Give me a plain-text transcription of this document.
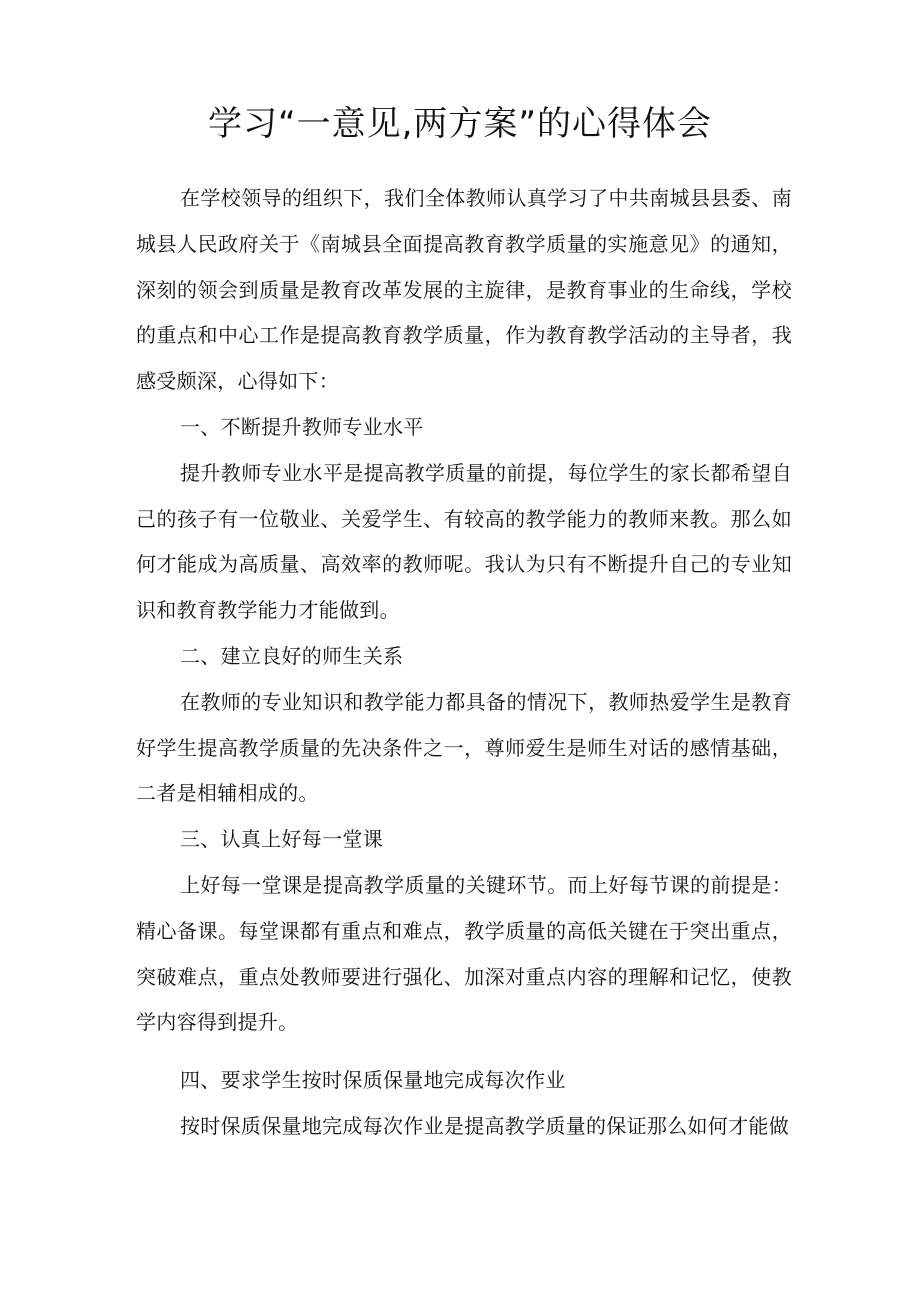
学习“一意见,两方案”的心得体会

在学校领导的组织下，我们全体教师认真学习了中共南城县县委、南城县人民政府关于《南城县全面提高教育教学质量的实施意见》的通知，深刻的领会到质量是教育改革发展的主旋律，是教育事业的生命线，学校的重点和中心工作是提高教育教学质量，作为教育教学活动的主导者，我感受颇深，心得如下：

一、不断提升教师专业水平

提升教师专业水平是提高教学质量的前提，每位学生的家长都希望自己的孩子有一位敬业、关爱学生、有较高的教学能力的教师来教。那么如何才能成为高质量、高效率的教师呢。我认为只有不断提升自己的专业知识和教育教学能力才能做到。

二、建立良好的师生关系

在教师的专业知识和教学能力都具备的情况下，教师热爱学生是教育好学生提高教学质量的先决条件之一，尊师爱生是师生对话的感情基础，二者是相辅相成的。

三、认真上好每一堂课

上好每一堂课是提高教学质量的关键环节。而上好每节课的前提是：精心备课。每堂课都有重点和难点，教学质量的高低关键在于突出重点，突破难点，重点处教师要进行强化、加深对重点内容的理解和记忆，使教学内容得到提升。

四、要求学生按时保质保量地完成每次作业

按时保质保量地完成每次作业是提高教学质量的保证那么如何才能做
